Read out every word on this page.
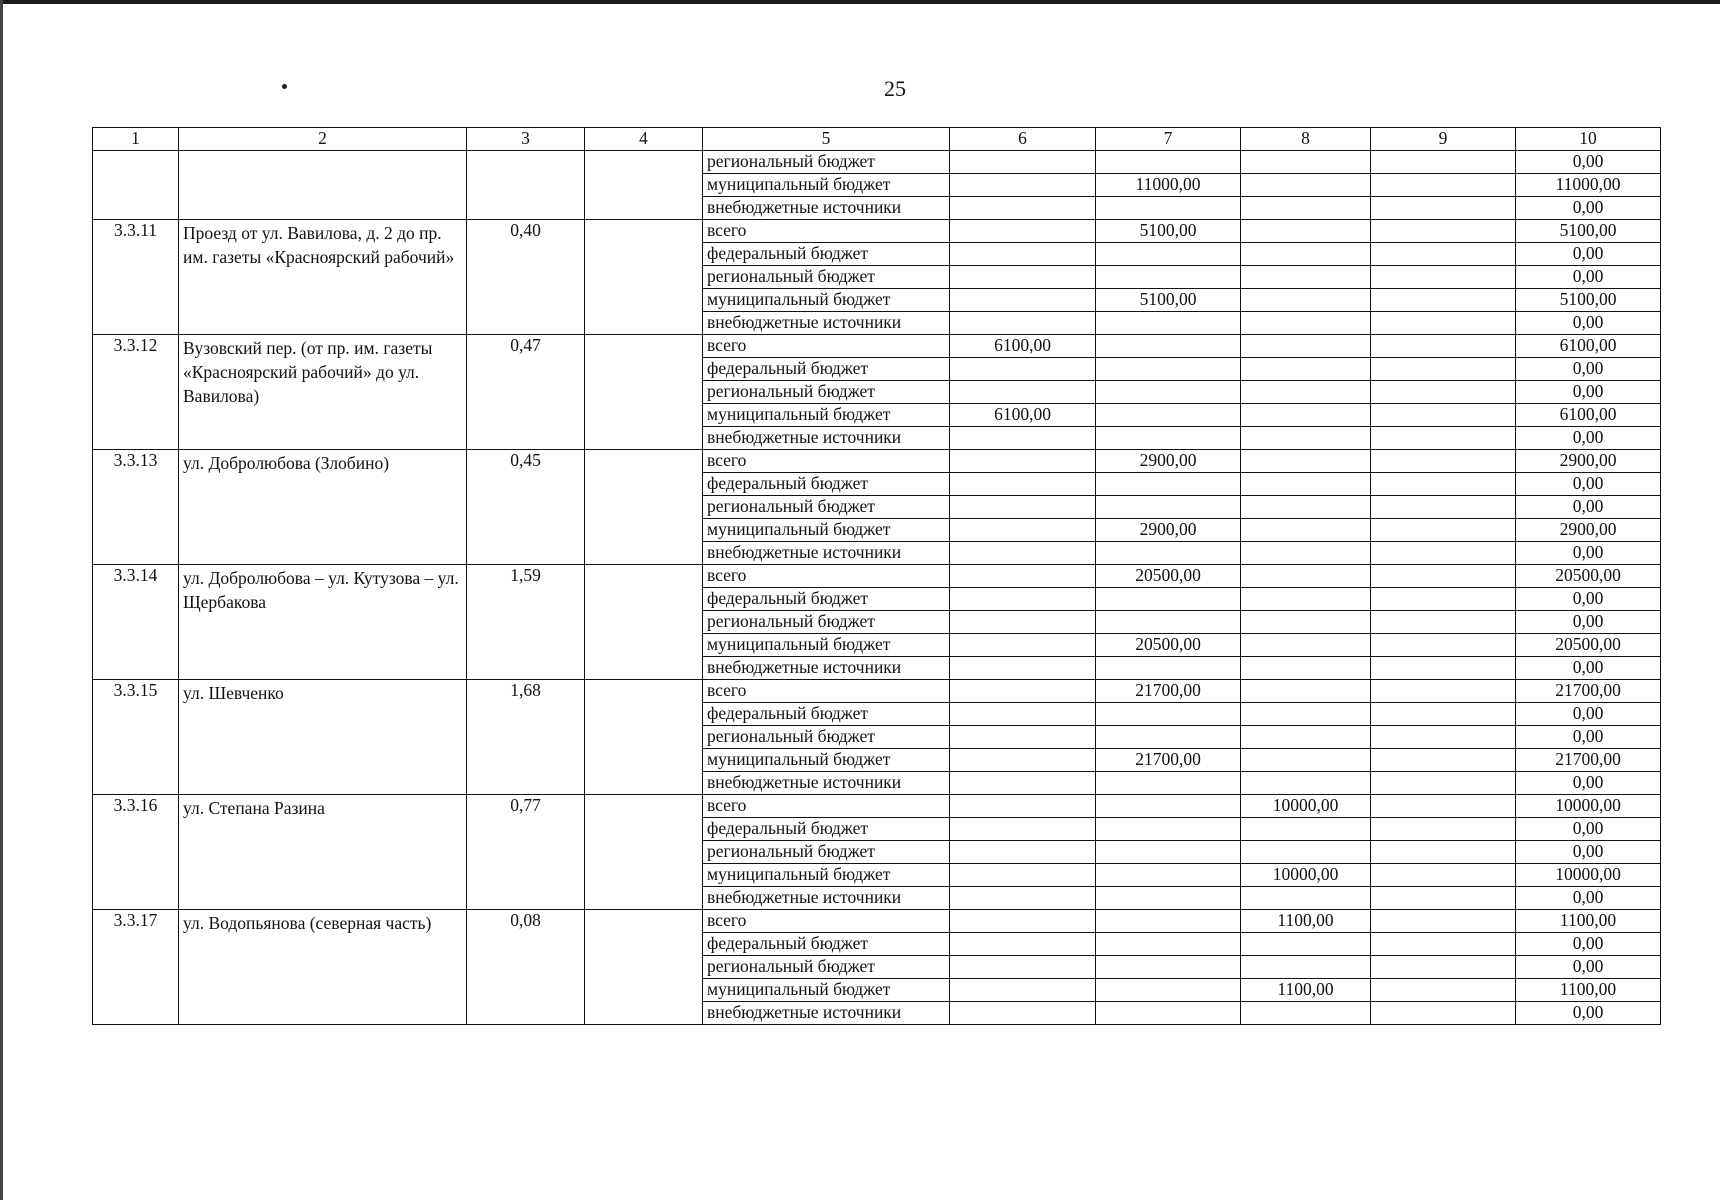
25
1	2	3	4	5	6	7	8	9	10
				региональный бюджет					0,00
				муниципальный бюджет		11000,00			11000,00
				внебюджетные источники					0,00
3.3.11	Проезд от ул. Вавилова, д. 2 до пр. им. газеты «Красноярский рабочий»	0,40		всего		5100,00			5100,00
				федеральный бюджет					0,00
				региональный бюджет					0,00
				муниципальный бюджет		5100,00			5100,00
				внебюджетные источники					0,00
3.3.12	Вузовский пер. (от пр. им. газеты «Красноярский рабочий» до ул. Вавилова)	0,47		всего	6100,00				6100,00
				федеральный бюджет					0,00
				региональный бюджет					0,00
				муниципальный бюджет	6100,00				6100,00
				внебюджетные источники					0,00
3.3.13	ул. Добролюбова (Злобино)	0,45		всего		2900,00			2900,00
				федеральный бюджет					0,00
				региональный бюджет					0,00
				муниципальный бюджет		2900,00			2900,00
				внебюджетные источники					0,00
3.3.14	ул. Добролюбова – ул. Кутузова – ул. Щербакова	1,59		всего		20500,00			20500,00
				федеральный бюджет					0,00
				региональный бюджет					0,00
				муниципальный бюджет		20500,00			20500,00
				внебюджетные источники					0,00
3.3.15	ул. Шевченко	1,68		всего		21700,00			21700,00
				федеральный бюджет					0,00
				региональный бюджет					0,00
				муниципальный бюджет		21700,00			21700,00
				внебюджетные источники					0,00
3.3.16	ул. Степана Разина	0,77		всего			10000,00		10000,00
				федеральный бюджет					0,00
				региональный бюджет					0,00
				муниципальный бюджет			10000,00		10000,00
				внебюджетные источники					0,00
3.3.17	ул. Водопьянова (северная часть)	0,08		всего			1100,00		1100,00
				федеральный бюджет					0,00
				региональный бюджет					0,00
				муниципальный бюджет			1100,00		1100,00
				внебюджетные источники					0,00
